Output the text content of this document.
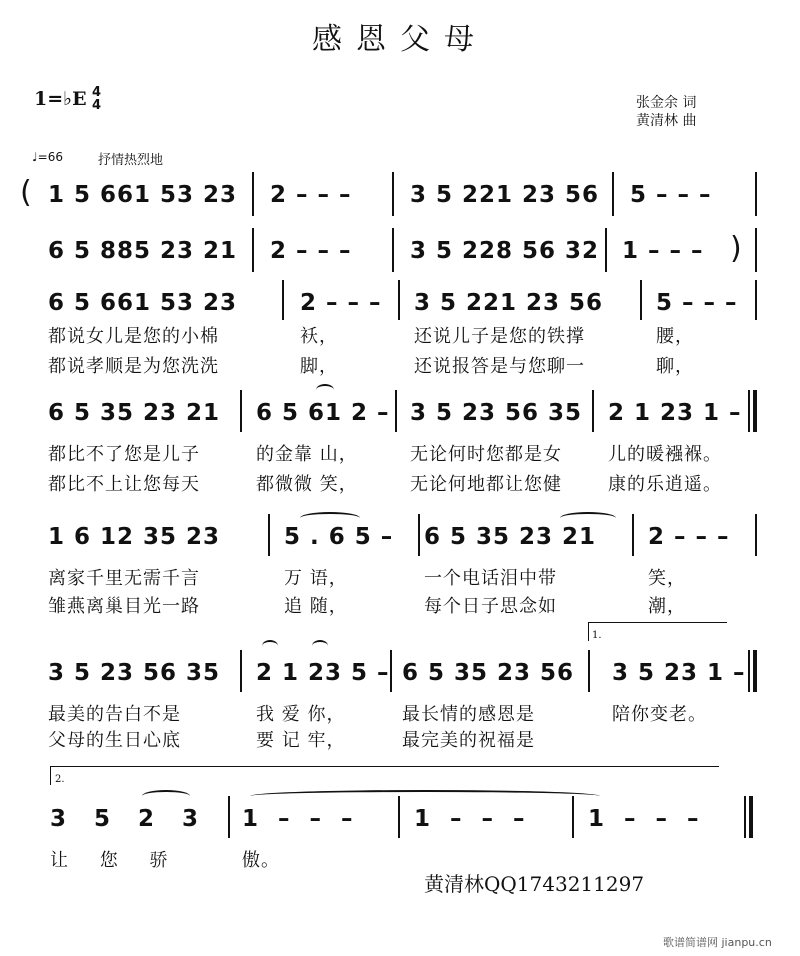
感恩父母
1=♭E 4
4	张金余 词
黄清林 曲
♩=66	抒情热烈地
( 1 5 661 53 23 2 – – –	3 5 221 23 56 5 – – –
6 5 885 23 21 2 – – –	3 5 228 56 32 1 – – – )
6 5 661 53 23	2 – – – 3 5 221 23 56 5 – – –
都说女儿是您的小棉	袄，	还说儿子是您的铁撑	腰，
都说孝顺是为您洗洗	脚，	还说报答是与您聊一	聊，
6 5 35 23 21 6 5 61 2 – 3 5 23 56 35 2 1 23 1 –
都比不了您是儿子	的金靠 山，	无论何时您都是女	儿的暖襁褓。
都比不上让您每天	都微微 笑，	无论何地都让您健	康的乐逍遥。
1 6 12 35 23	5 . 6 5 – 6 5 35 23 21 2 – – –
离家千里无需千言	万 语，	一个电话泪中带	笑，
雏燕离巢目光一路	追 随，	每个日子思念如	潮，
1.
3 5 23 56 35 2 1 23 5 – 6 5 35 23 56 3 5 23 1 –
最美的告白不是	我 爱 你，	最长情的感恩是	陪你变老。
父母的生日心底	要 记 牢，	最完美的祝福是
2.
3 5 2 3 1 – – –	1 – – –	1 – – –
让 您 骄	傲。
黄清林QQ1743211297
歌谱简谱网 jianpu.cn
